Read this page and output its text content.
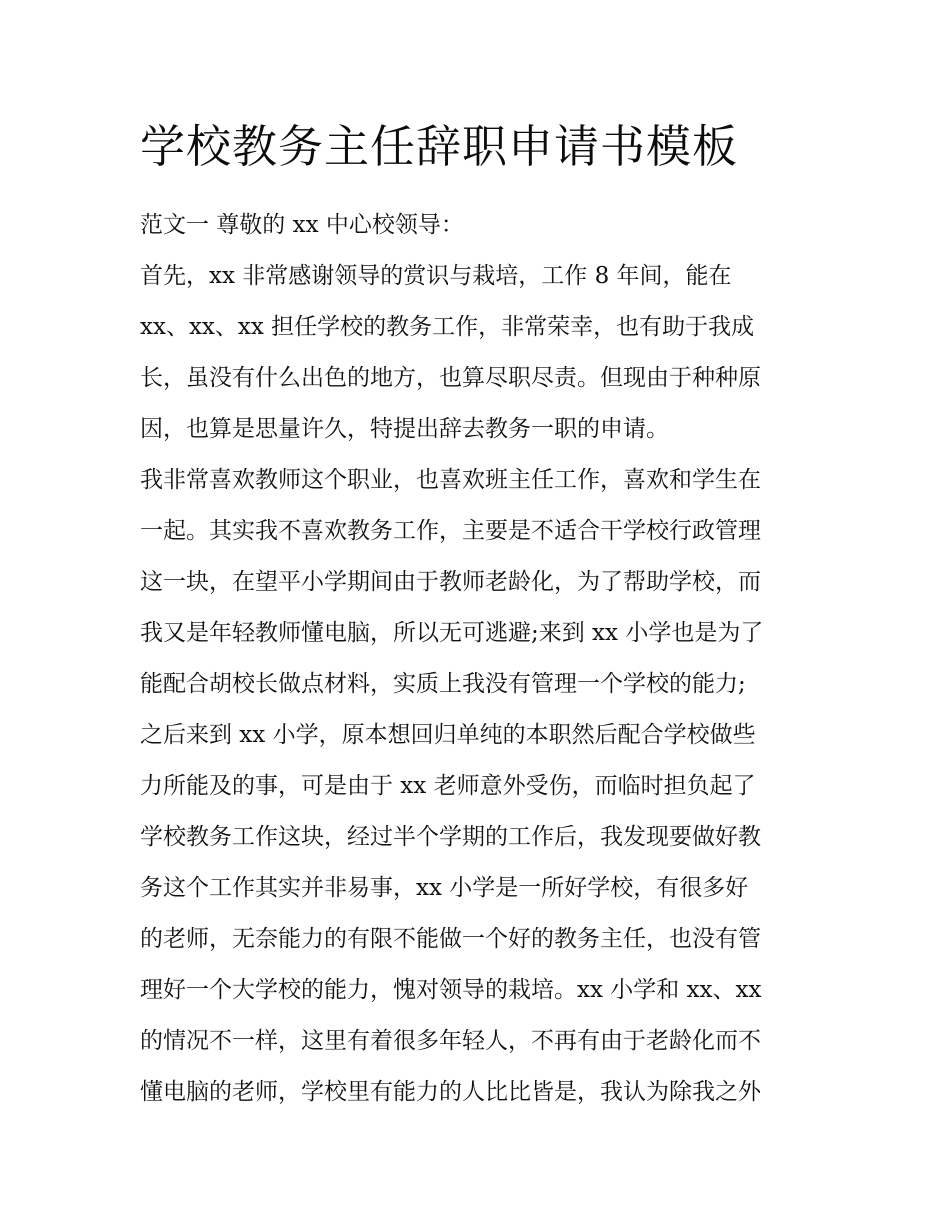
学校教务主任辞职申请书模板
范文一 尊敬的 xx 中心校领导：
首先，xx 非常感谢领导的赏识与栽培，工作 8 年间，能在
xx、xx、xx 担任学校的教务工作，非常荣幸，也有助于我成
长，虽没有什么出色的地方，也算尽职尽责。但现由于种种原
因，也算是思量许久，特提出辞去教务一职的申请。
我非常喜欢教师这个职业，也喜欢班主任工作，喜欢和学生在
一起。其实我不喜欢教务工作，主要是不适合干学校行政管理
这一块，在望平小学期间由于教师老龄化，为了帮助学校，而
我又是年轻教师懂电脑，所以无可逃避;来到 xx 小学也是为了
能配合胡校长做点材料，实质上我没有管理一个学校的能力;
之后来到 xx 小学，原本想回归单纯的本职然后配合学校做些
力所能及的事，可是由于 xx 老师意外受伤，而临时担负起了
学校教务工作这块，经过半个学期的工作后，我发现要做好教
务这个工作其实并非易事，xx 小学是一所好学校，有很多好
的老师，无奈能力的有限不能做一个好的教务主任，也没有管
理好一个大学校的能力，愧对领导的栽培。xx 小学和 xx、xx
的情况不一样，这里有着很多年轻人，不再有由于老龄化而不
懂电脑的老师，学校里有能力的人比比皆是，我认为除我之外
